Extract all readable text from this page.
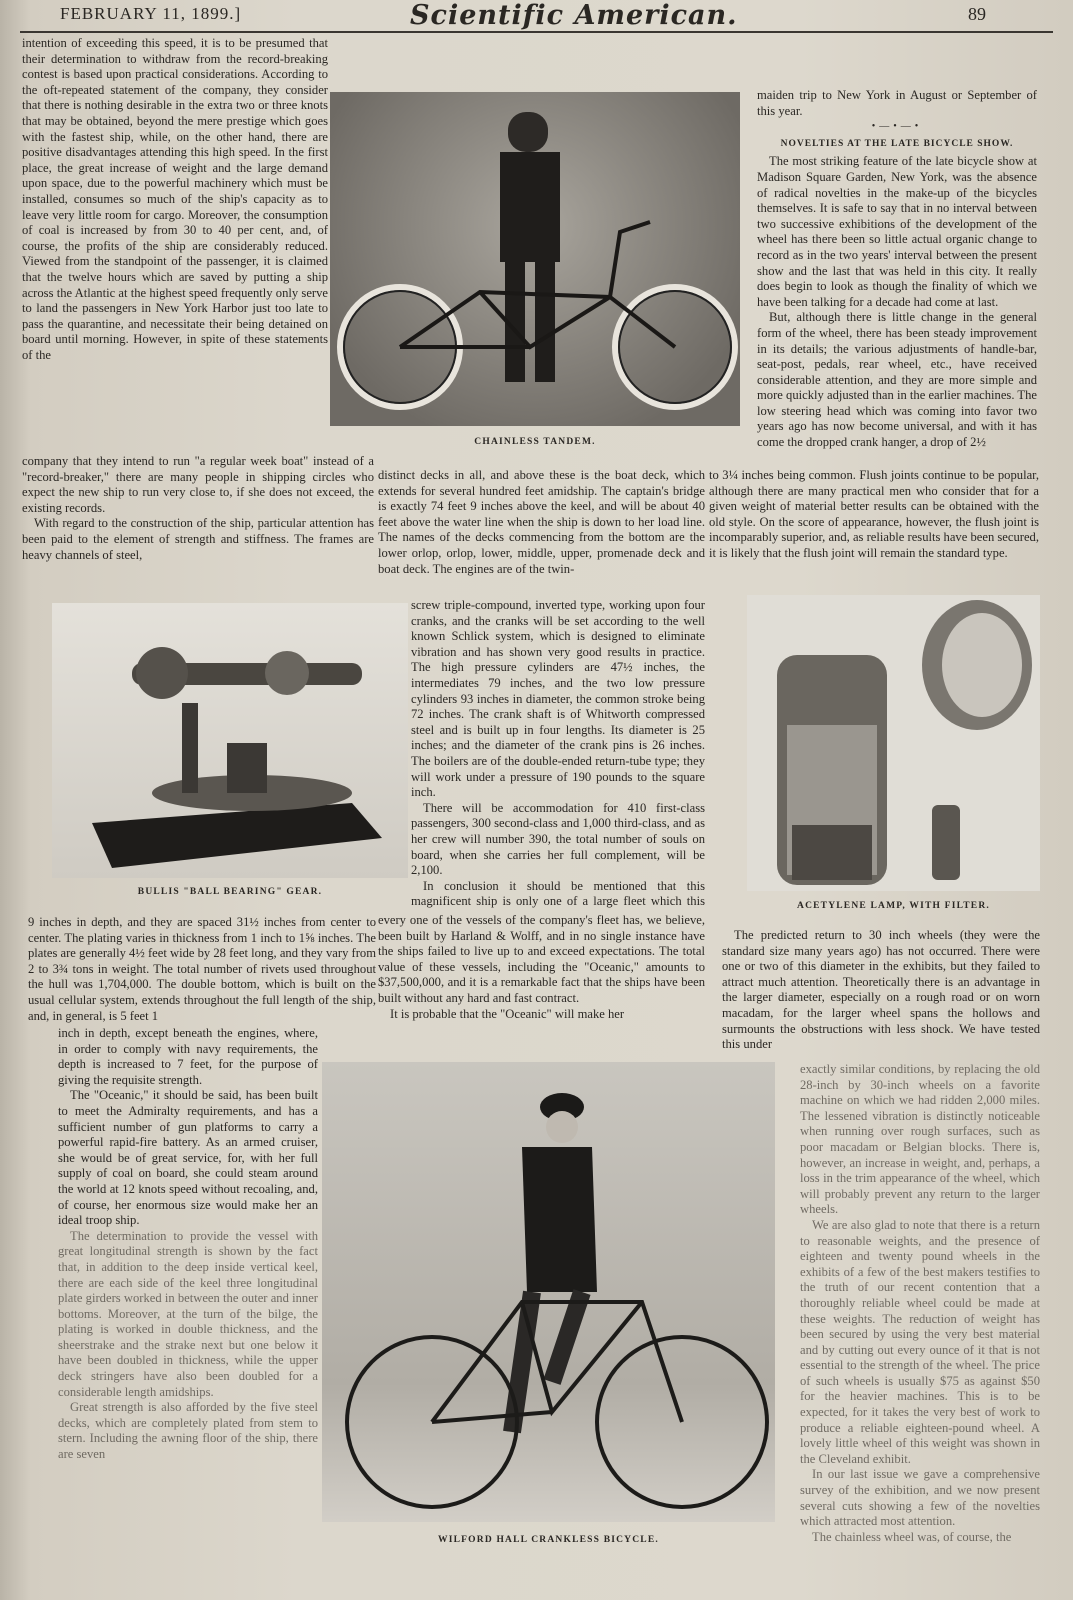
FEBRUARY 11, 1899.]	Scientific American.	89

intention of exceeding this speed, it is to be presumed that their determination to withdraw from the record-breaking contest is based upon practical considerations. According to the oft-repeated statement of the company, they consider that there is nothing desirable in the extra two or three knots that may be obtained, beyond the mere prestige which goes with the fastest ship, while, on the other hand, there are positive disadvantages attending this high speed. In the first place, the great increase of weight and the large demand upon space, due to the powerful machinery which must be installed, consumes so much of the ship's capacity as to leave very little room for cargo. Moreover, the consumption of coal is increased by from 30 to 40 per cent, and, of course, the profits of the ship are considerably reduced. Viewed from the standpoint of the passenger, it is claimed that the twelve hours which are saved by putting a ship across the Atlantic at the highest speed frequently only serve to land the passengers in New York Harbor just too late to pass the quarantine, and necessitate their being detained on board until morning. However, in spite of these statements of the

company that they intend to run "a regular week boat" instead of a "record-breaker," there are many people in shipping circles who expect the new ship to run very close to, if she does not exceed, the existing records.

With regard to the construction of the ship, particular attention has been paid to the element of strength and stiffness. The frames are heavy channels of steel,

9 inches in depth, and they are spaced 31½ inches from center to center. The plating varies in thickness from 1 inch to 1⅝ inches. The plates are generally 4½ feet wide by 28 feet long, and they vary from 2 to 3¾ tons in weight. The total number of rivets used throughout the hull was 1,704,000. The double bottom, which is built on the usual cellular system, extends throughout the full length of the ship, and, in general, is 5 feet 1

inch in depth, except beneath the engines, where, in order to comply with navy requirements, the depth is increased to 7 feet, for the purpose of giving the requisite strength.

The "Oceanic," it should be said, has been built to meet the Admiralty requirements, and has a sufficient number of gun platforms to carry a powerful rapid-fire battery. As an armed cruiser, she would be of great service, for, with her full supply of coal on board, she could steam around the world at 12 knots speed without recoaling, and, of course, her enormous size would make her an ideal troop ship.

The determination to provide the vessel with great longitudinal strength is shown by the fact that, in addition to the deep inside vertical keel, there are each side of the keel three longitudinal plate girders worked in between the outer and inner bottoms. Moreover, at the turn of the bilge, the plating is worked in double thickness, and the sheerstrake and the strake next but one below it have been doubled in thickness, while the upper deck stringers have also been doubled for a considerable length amidships.

Great strength is also afforded by the five steel decks, which are completely plated from stem to stern. Including the awning floor of the ship, there are seven

distinct decks in all, and above these is the boat deck, which extends for several hundred feet amidship. The captain's bridge is exactly 74 feet 9 inches above the keel, and will be about 40 feet above the water line when the ship is down to her load line. The names of the decks commencing from the bottom are the lower orlop, orlop, lower, middle, upper, promenade deck and boat deck. The engines are of the twin-

screw triple-compound, inverted type, working upon four cranks, and the cranks will be set according to the well known Schlick system, which is designed to eliminate vibration and has shown very good results in practice. The high pressure cylinders are 47½ inches, the intermediates 79 inches, and the two low pressure cylinders 93 inches in diameter, the common stroke being 72 inches. The crank shaft is of Whitworth compressed steel and is built up in four lengths. Its diameter is 25 inches; and the diameter of the crank pins is 26 inches. The boilers are of the double-ended return-tube type; they will work under a pressure of 190 pounds to the square inch.

There will be accommodation for 410 first-class passengers, 300 second-class and 1,000 third-class, and as her crew will number 390, the total number of souls on board, when she carries her full complement, will be 2,100.

In conclusion it should be mentioned that this magnificent ship is only one of a large fleet which this

every one of the vessels of the company's fleet has, we believe, been built by Harland & Wolff, and in no single instance have the ships failed to live up to and exceed expectations. The total value of these vessels, including the "Oceanic," amounts to $37,500,000, and it is a remarkable fact that the ships have been built without any hard and fast contract.

It is probable that the "Oceanic" will make her

maiden trip to New York in August or September of this year.

•—•—•

NOVELTIES AT THE LATE BICYCLE SHOW.

The most striking feature of the late bicycle show at Madison Square Garden, New York, was the absence of radical novelties in the make-up of the bicycles themselves. It is safe to say that in no interval between two successive exhibitions of the development of the wheel has there been so little actual organic change to record as in the two years' interval between the present show and the last that was held in this city. It really does begin to look as though the finality of which we have been talking for a decade had come at last.

But, although there is little change in the general form of the wheel, there has been steady improvement in its details; the various adjustments of handle-bar, seat-post, pedals, rear wheel, etc., have received considerable attention, and they are more simple and more quickly adjusted than in the earlier machines. The low steering head which was coming into favor two years ago has now become universal, and with it has come the dropped crank hanger, a drop of 2½

to 3¼ inches being common. Flush joints continue to be popular, although there are many practical men who consider that for a given weight of material better results can be obtained with the old style. On the score of appearance, however, the flush joint is incomparably superior, and, as reliable results have been secured, it is likely that the flush joint will remain the standard type.

The predicted return to 30 inch wheels (they were the standard size many years ago) has not occurred. There were one or two of this diameter in the exhibits, but they failed to attract much attention. Theoretically there is an advantage in the larger diameter, especially on a rough road or on worn macadam, for the larger wheel spans the hollows and surmounts the obstructions with less shock. We have tested this under

exactly similar conditions, by replacing the old 28-inch by 30-inch wheels on a favorite machine on which we had ridden 2,000 miles. The lessened vibration is distinctly noticeable when running over rough surfaces, such as poor macadam or Belgian blocks. There is, however, an increase in weight, and, perhaps, a loss in the trim appearance of the wheel, which will probably prevent any return to the larger wheels.

We are also glad to note that there is a return to reasonable weights, and the presence of eighteen and twenty pound wheels in the exhibits of a few of the best makers testifies to the truth of our recent contention that a thoroughly reliable wheel could be made at these weights. The reduction of weight has been secured by using the very best material and by cutting out every ounce of it that is not essential to the strength of the wheel. The price of such wheels is usually $75 as against $50 for the heavier machines. This is to be expected, for it takes the very best of work to produce a reliable eighteen-pound wheel. A lovely little wheel of this weight was shown in the Cleveland exhibit.

In our last issue we gave a comprehensive survey of the exhibition, and we now present several cuts showing a few of the novelties which attracted most attention.

The chainless wheel was, of course, the

CHAINLESS TANDEM.
BULLIS "BALL BEARING" GEAR.
ACETYLENE LAMP, WITH FILTER.
WILFORD HALL CRANKLESS BICYCLE.
